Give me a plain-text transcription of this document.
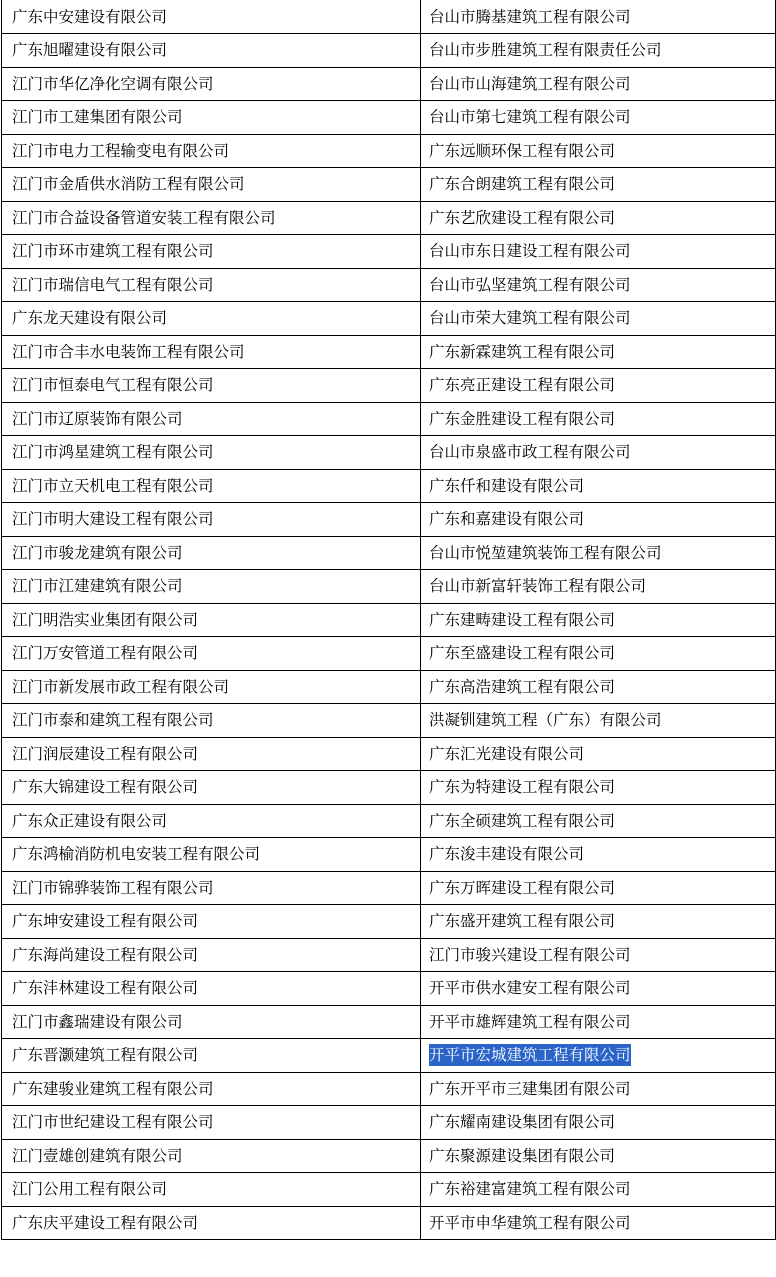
广东中安建设有限公司	台山市腾基建筑工程有限公司
广东旭曜建设有限公司	台山市步胜建筑工程有限责任公司
江门市华亿净化空调有限公司	台山市山海建筑工程有限公司
江门市工建集团有限公司	台山市第七建筑工程有限公司
江门市电力工程输变电有限公司	广东远顺环保工程有限公司
江门市金盾供水消防工程有限公司	广东合朗建筑工程有限公司
江门市合益设备管道安装工程有限公司	广东艺欣建设工程有限公司
江门市环市建筑工程有限公司	台山市东日建设工程有限公司
江门市瑞信电气工程有限公司	台山市弘坚建筑工程有限公司
广东龙天建设有限公司	台山市荣大建筑工程有限公司
江门市合丰水电装饰工程有限公司	广东新霖建筑工程有限公司
江门市恒泰电气工程有限公司	广东亮正建设工程有限公司
江门市辽原装饰有限公司	广东金胜建设工程有限公司
江门市鸿星建筑工程有限公司	台山市泉盛市政工程有限公司
江门市立天机电工程有限公司	广东仟和建设有限公司
江门市明大建设工程有限公司	广东和嘉建设有限公司
江门市骏龙建筑有限公司	台山市悦堃建筑装饰工程有限公司
江门市江建建筑有限公司	台山市新富轩装饰工程有限公司
江门明浩实业集团有限公司	广东建畴建设工程有限公司
江门万安管道工程有限公司	广东至盛建设工程有限公司
江门市新发展市政工程有限公司	广东高浩建筑工程有限公司
江门市泰和建筑工程有限公司	洪凝钏建筑工程（广东）有限公司
江门润辰建设工程有限公司	广东汇光建设有限公司
广东大锦建设工程有限公司	广东为特建设工程有限公司
广东众正建设有限公司	广东全硕建筑工程有限公司
广东鸿榆消防机电安装工程有限公司	广东浚丰建设有限公司
江门市锦骅装饰工程有限公司	广东万晖建设工程有限公司
广东坤安建设工程有限公司	广东盛开建筑工程有限公司
广东海尚建设工程有限公司	江门市骏兴建设工程有限公司
广东沣林建设工程有限公司	开平市供水建安工程有限公司
江门市鑫瑞建设有限公司	开平市雄辉建筑工程有限公司
广东晋灏建筑工程有限公司	开平市宏城建筑工程有限公司
广东建骏业建筑工程有限公司	广东开平市三建集团有限公司
江门市世纪建设工程有限公司	广东耀南建设集团有限公司
江门壹雄创建筑有限公司	广东聚源建设集团有限公司
江门公用工程有限公司	广东裕建富建筑工程有限公司
广东庆平建设工程有限公司	开平市申华建筑工程有限公司
